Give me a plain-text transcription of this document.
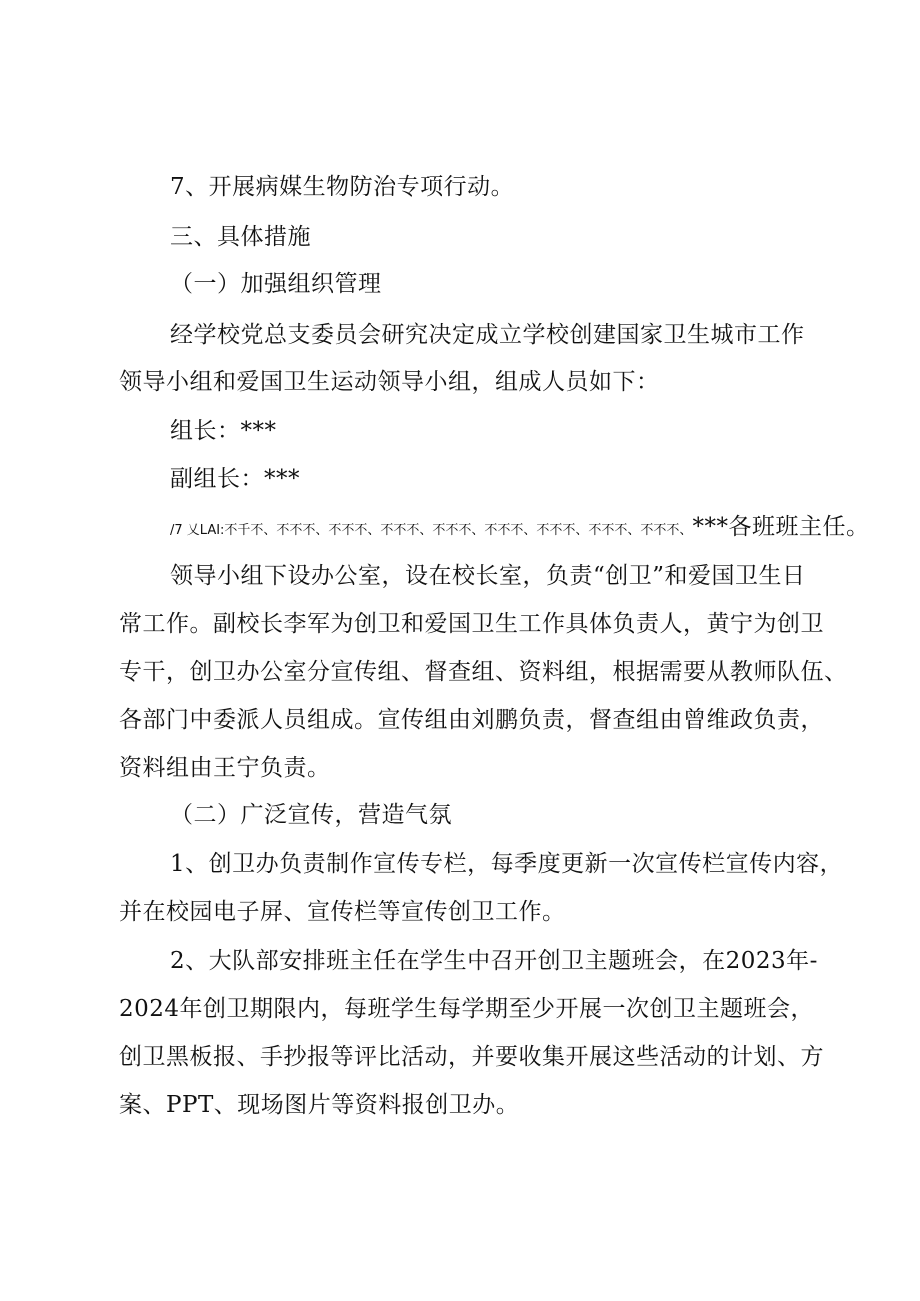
7、开展病媒生物防治专项行动。
三、具体措施
（一）加强组织管理
经学校党总支委员会研究决定成立学校创建国家卫生城市工作
领导小组和爱国卫生运动领导小组，组成人员如下：
组长：***
副组长：***
/7 乂LAI:不千不、不不不、不不不、不不不、不不不、不不不、不不不、不不不、不不不、***各班班主任。
领导小组下设办公室，设在校长室，负责“创卫”和爱国卫生日
常工作。副校长李军为创卫和爱国卫生工作具体负责人，黄宁为创卫
专干，创卫办公室分宣传组、督查组、资料组，根据需要从教师队伍、
各部门中委派人员组成。宣传组由刘鹏负责，督查组由曾维政负责，
资料组由王宁负责。
（二）广泛宣传，营造气氛
1、创卫办负责制作宣传专栏，每季度更新一次宣传栏宣传内容，
并在校园电子屏、宣传栏等宣传创卫工作。
2、大队部安排班主任在学生中召开创卫主题班会，在2023年-
2024年创卫期限内，每班学生每学期至少开展一次创卫主题班会，
创卫黑板报、手抄报等评比活动，并要收集开展这些活动的计划、方
案、PPT、现场图片等资料报创卫办。
